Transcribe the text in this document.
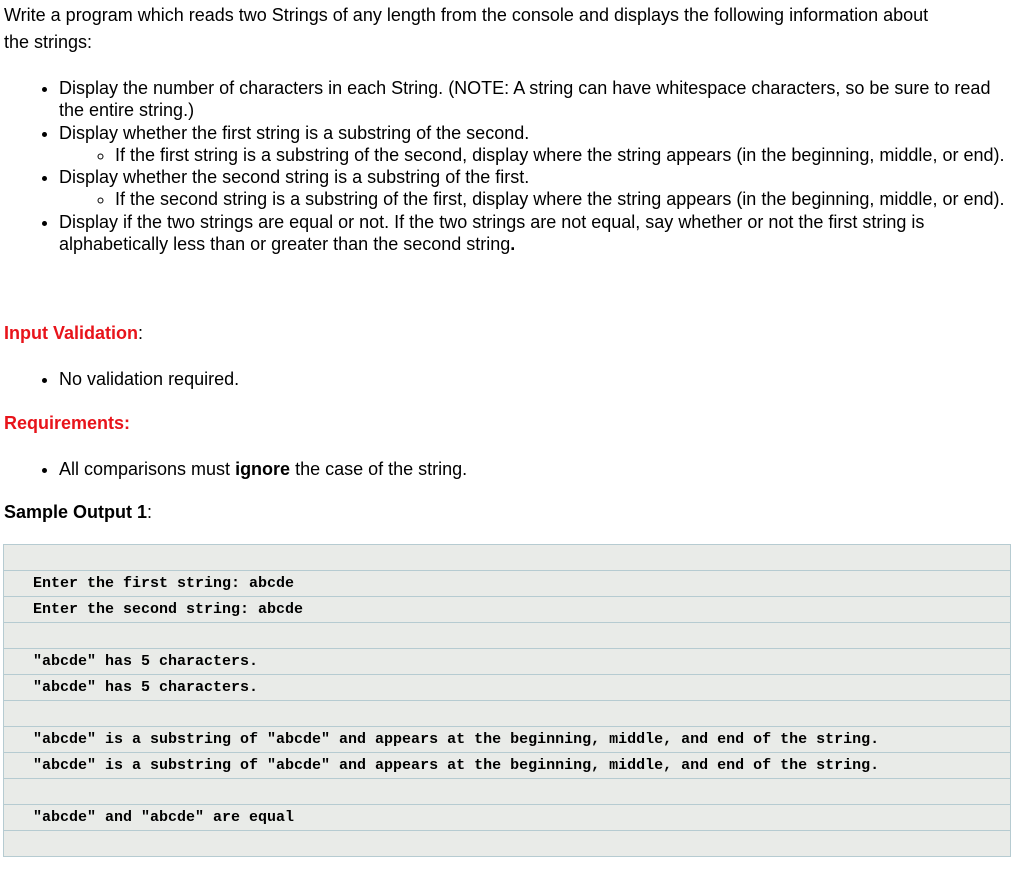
Write a program which reads two Strings of any length from the console and displays the following information about the strings:

• Display the number of characters in each String. (NOTE: A string can have whitespace characters, so be sure to read the entire string.)
• Display whether the first string is a substring of the second.
◦ If the first string is a substring of the second, display where the string appears (in the beginning, middle, or end).
• Display whether the second string is a substring of the first.
◦ If the second string is a substring of the first, display where the string appears (in the beginning, middle, or end).
• Display if the two strings are equal or not. If the two strings are not equal, say whether or not the first string is alphabetically less than or greater than the second string.

Input Validation:

• No validation required.

Requirements:

• All comparisons must ignore the case of the string.

Sample Output 1:

Enter the first string: abcde
Enter the second string: abcde

"abcde" has 5 characters.
"abcde" has 5 characters.

"abcde" is a substring of "abcde" and appears at the beginning, middle, and end of the string.
"abcde" is a substring of "abcde" and appears at the beginning, middle, and end of the string.

"abcde" and "abcde" are equal
